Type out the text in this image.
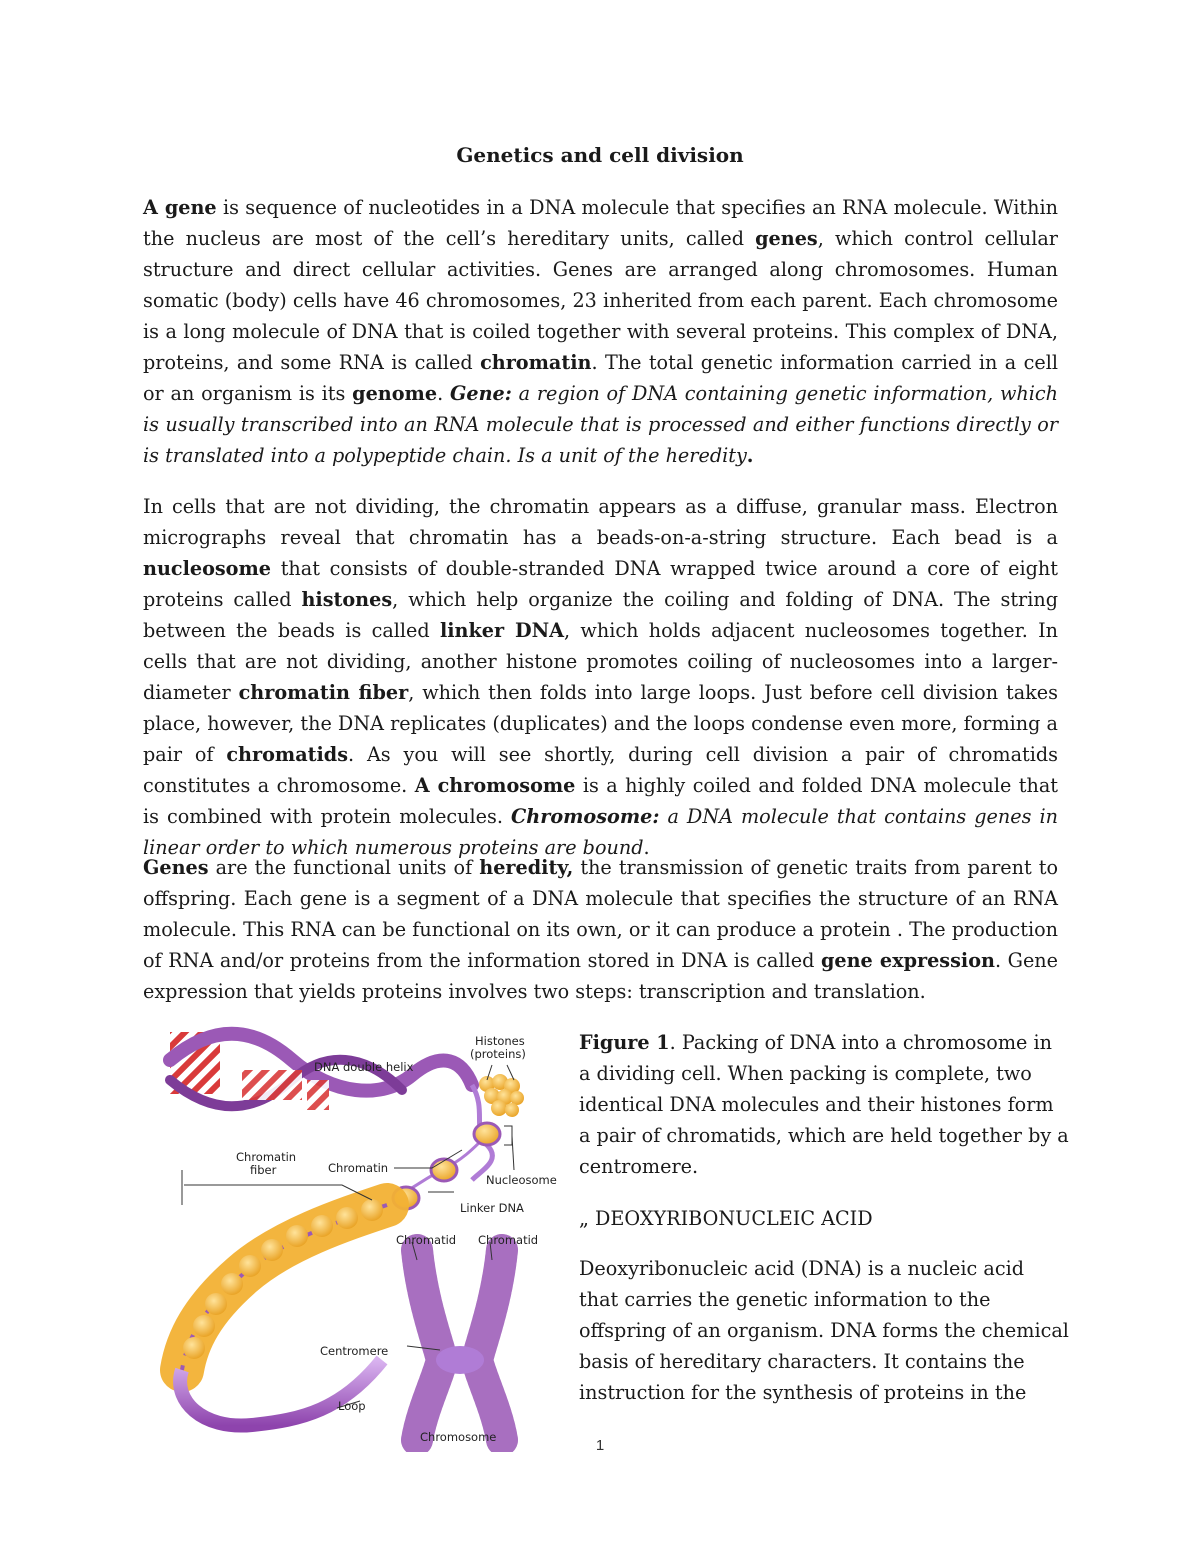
Genetics and cell division
A gene is sequence of nucleotides in a DNA molecule that specifies an RNA molecule. Within the nucleus are most of the cell’s hereditary units, called genes, which control cellular structure and direct cellular activities. Genes are arranged along chromosomes. Human somatic (body) cells have 46 chromosomes, 23 inherited from each parent. Each chromosome is a long molecule of DNA that is coiled together with several proteins. This complex of DNA, proteins, and some RNA is called chromatin. The total genetic information carried in a cell or an organism is its genome. Gene: a region of DNA containing genetic information, which is usually transcribed into an RNA molecule that is processed and either functions directly or is translated into a polypeptide chain. Is a unit of the heredity.
In cells that are not dividing, the chromatin appears as a diffuse, granular mass. Electron micrographs reveal that chromatin has a beads-on-a-string structure. Each bead is a nucleosome that consists of double-stranded DNA wrapped twice around a core of eight proteins called histones, which help organize the coiling and folding of DNA. The string between the beads is called linker DNA, which holds adjacent nucleosomes together. In cells that are not dividing, another histone promotes coiling of nucleosomes into a larger-diameter chromatin fiber, which then folds into large loops. Just before cell division takes place, however, the DNA replicates (duplicates) and the loops condense even more, forming a pair of chromatids. As you will see shortly, during cell division a pair of chromatids constitutes a chromosome. A chromosome is a highly coiled and folded DNA molecule that is combined with protein molecules. Chromosome: a DNA molecule that contains genes in linear order to which numerous proteins are bound.
Genes are the functional units of heredity, the transmission of genetic traits from parent to offspring. Each gene is a segment of a DNA molecule that specifies the structure of an RNA molecule. This RNA can be functional on its own, or it can produce a protein . The production of RNA and/or proteins from the information stored in DNA is called gene expression. Gene expression that yields proteins involves two steps: transcription and translation.
DNA double helix
Histones
(proteins)
Chromatin
fiber	Chromatin
Nucleosome
Linker DNA
Chromatid Chromatid
Centromere
Loop
Chromosome
Figure 1. Packing of DNA into a chromosome in a dividing cell. When packing is complete, two identical DNA molecules and their histones form a pair of chromatids, which are held together by a centromere.
„ DEOXYRIBONUCLEIC ACID
Deoxyribonucleic acid (DNA) is a nucleic acid that carries the genetic information to the offspring of an organism. DNA forms the chemical basis of hereditary characters. It contains the instruction for the synthesis of proteins in the
1
